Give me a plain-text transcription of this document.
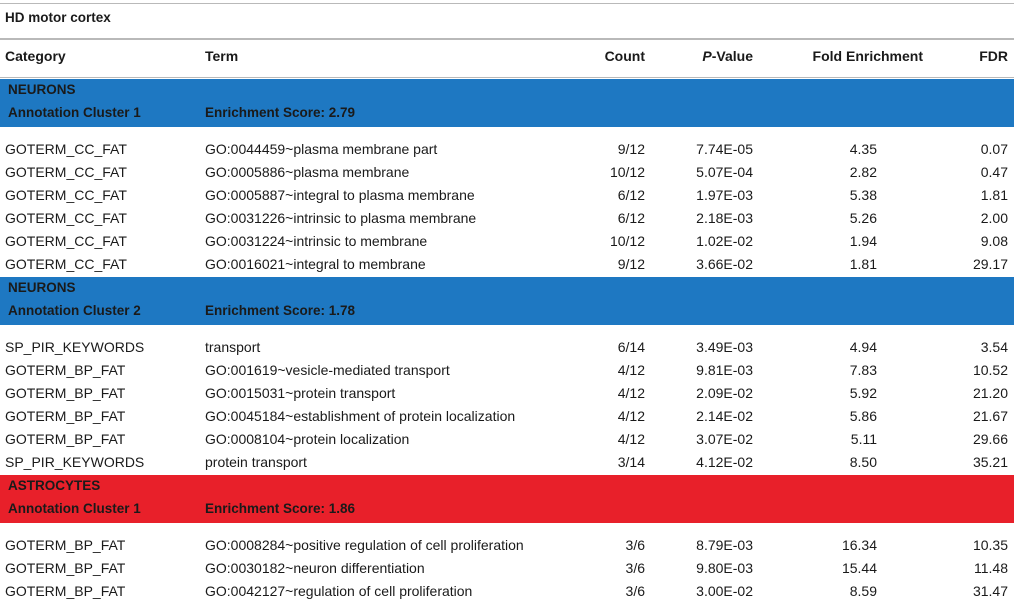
HD motor cortex
Category	Term	Count	P-Value	Fold Enrichment	FDR
NEURONS
Annotation Cluster 1	Enrichment Score: 2.79
GOTERM_CC_FAT	GO:0044459~plasma membrane part	9/12	7.74E-05	4.35	0.07
GOTERM_CC_FAT	GO:0005886~plasma membrane	10/12	5.07E-04	2.82	0.47
GOTERM_CC_FAT	GO:0005887~integral to plasma membrane	6/12	1.97E-03	5.38	1.81
GOTERM_CC_FAT	GO:0031226~intrinsic to plasma membrane	6/12	2.18E-03	5.26	2.00
GOTERM_CC_FAT	GO:0031224~intrinsic to membrane	10/12	1.02E-02	1.94	9.08
GOTERM_CC_FAT	GO:0016021~integral to membrane	9/12	3.66E-02	1.81	29.17
NEURONS
Annotation Cluster 2	Enrichment Score: 1.78
SP_PIR_KEYWORDS	transport	6/14	3.49E-03	4.94	3.54
GOTERM_BP_FAT	GO:001619~vesicle-mediated transport	4/12	9.81E-03	7.83	10.52
GOTERM_BP_FAT	GO:0015031~protein transport	4/12	2.09E-02	5.92	21.20
GOTERM_BP_FAT	GO:0045184~establishment of protein localization	4/12	2.14E-02	5.86	21.67
GOTERM_BP_FAT	GO:0008104~protein localization	4/12	3.07E-02	5.11	29.66
SP_PIR_KEYWORDS	protein transport	3/14	4.12E-02	8.50	35.21
ASTROCYTES
Annotation Cluster 1	Enrichment Score: 1.86
GOTERM_BP_FAT	GO:0008284~positive regulation of cell proliferation	3/6	8.79E-03	16.34	10.35
GOTERM_BP_FAT	GO:0030182~neuron differentiation	3/6	9.80E-03	15.44	11.48
GOTERM_BP_FAT	GO:0042127~regulation of cell proliferation	3/6	3.00E-02	8.59	31.47
